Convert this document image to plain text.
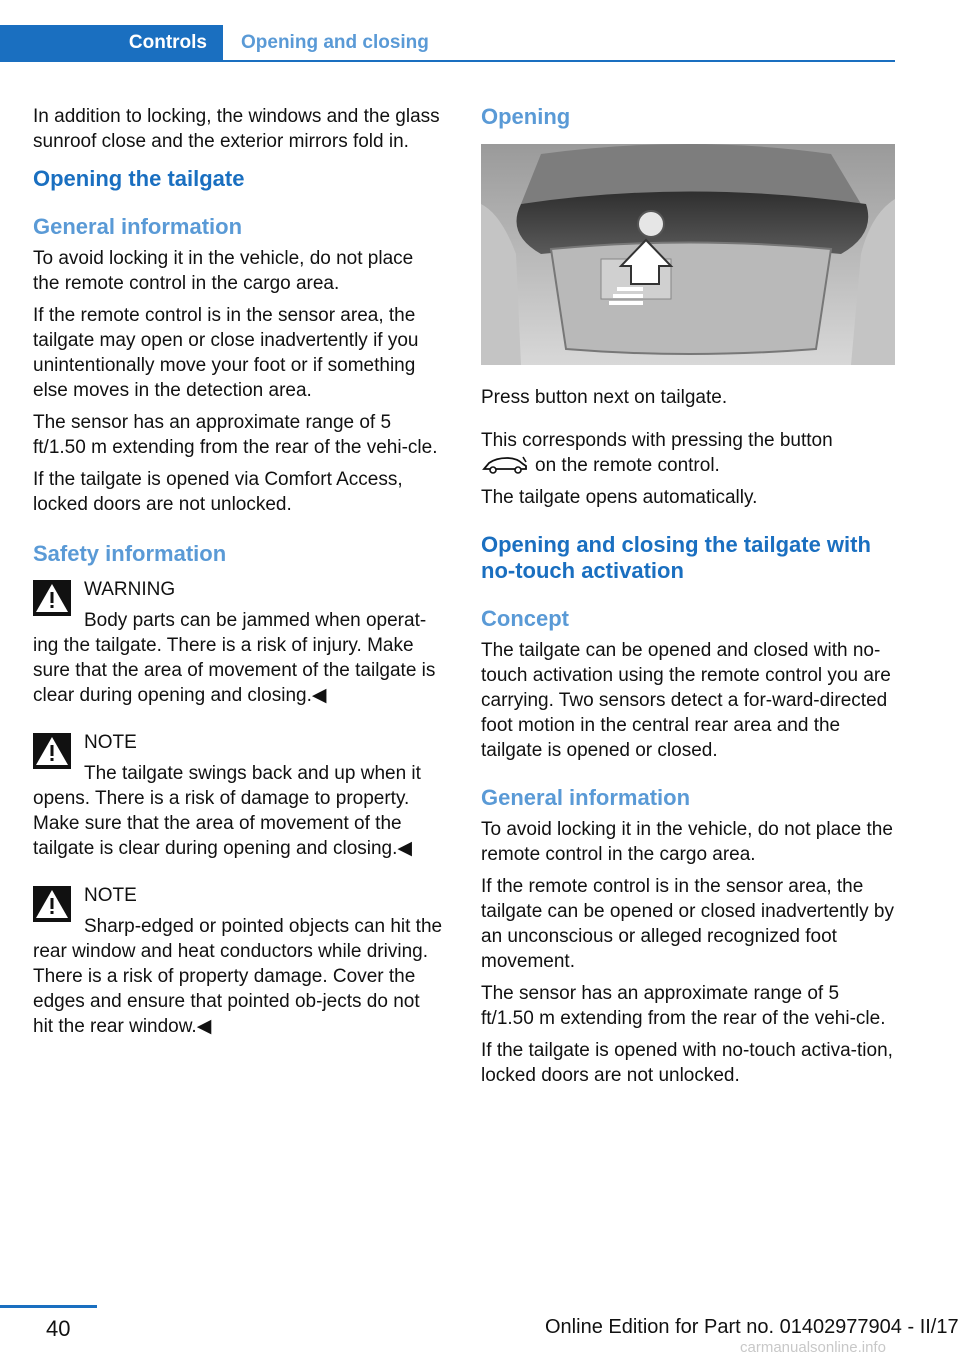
Controls	Opening and closing

In addition to locking, the windows and the glass sunroof close and the exterior mirrors fold in.

Opening the tailgate
General information

To avoid locking it in the vehicle, do not place the remote control in the cargo area.

If the remote control is in the sensor area, the tailgate may open or close inadvertently if you unintentionally move your foot or if something else moves in the detection area.

The sensor has an approximate range of 5 ft/1.50 m extending from the rear of the vehi‐cle.

If the tailgate is opened via Comfort Access, locked doors are not unlocked.

Safety information
WARNING

Body parts can be jammed when operat‐ing the tailgate. There is a risk of injury. Make sure that the area of movement of the tailgate is clear during opening and closing.◀

NOTE

The tailgate swings back and up when it opens. There is a risk of damage to property. Make sure that the area of movement of the tailgate is clear during opening and closing.◀

NOTE

Sharp-edged or pointed objects can hit the rear window and heat conductors while driving. There is a risk of property damage. Cover the edges and ensure that pointed ob‐jects do not hit the rear window.◀

Opening

Press button next on tailgate.

This corresponds with pressing the button
on the remote control.

The tailgate opens automatically.

Opening and closing the tailgate with no-touch activation
Concept

The tailgate can be opened and closed with no-touch activation using the remote control you are carrying. Two sensors detect a for‐ward-directed foot motion in the central rear area and the tailgate is opened or closed.

General information

To avoid locking it in the vehicle, do not place the remote control in the cargo area.

If the remote control is in the sensor area, the tailgate can be opened or closed inadvertently by an unconscious or alleged recognized foot movement.

The sensor has an approximate range of 5 ft/1.50 m extending from the rear of the vehi‐cle.

If the tailgate is opened with no-touch activa‐tion, locked doors are not unlocked.

40	Online Edition for Part no. 01402977904 - II/17
carmanualsonline.info
